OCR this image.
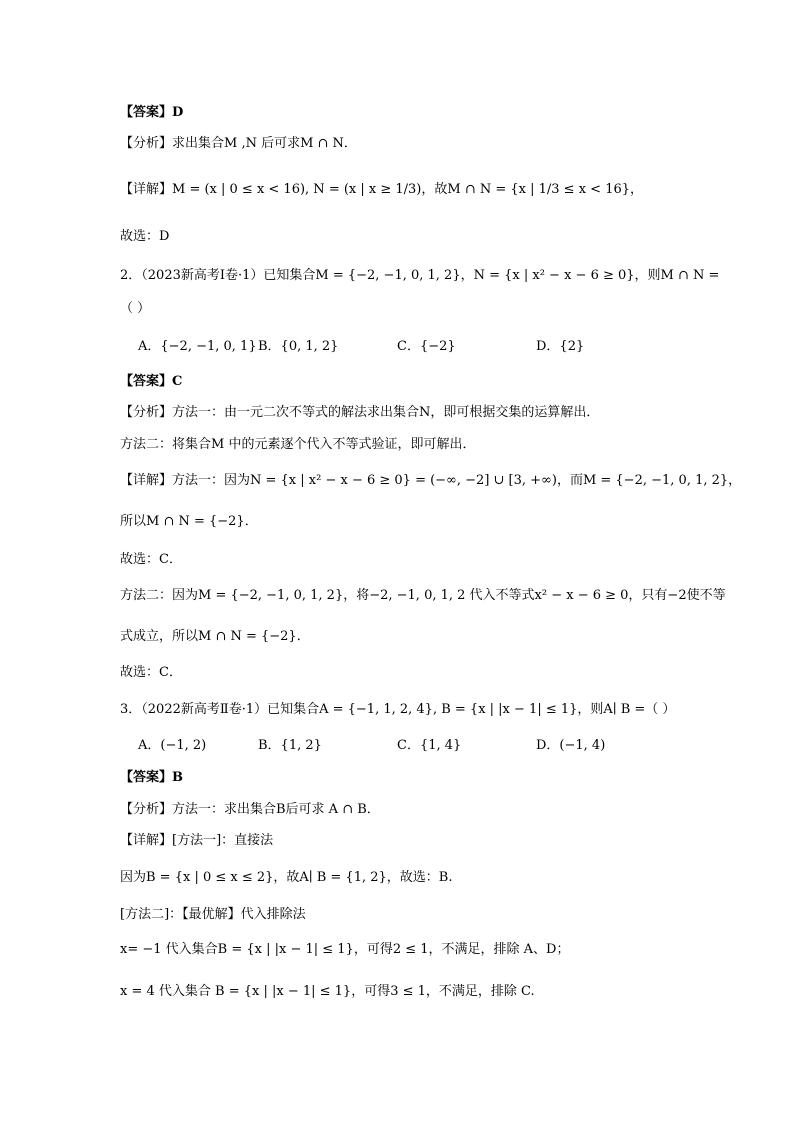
【答案】D
【分析】求出集合M ,N 后可求M ∩ N．
【详解】M = (x | 0 ≤ x < 16), N = (x | x ≥ 1/3)，故M ∩ N = {x | 1/3 ≤ x < 16}，
故选：D
2．（2023新高考Ⅰ卷·1）已知集合M = {−2, −1, 0, 1, 2}，N = {x | x² − x − 6 ≥ 0}，则M ∩ N =
（ ）
A．{−2, −1, 0, 1} B．{0, 1, 2}	C．{−2}	D．{2}
【答案】C
【分析】方法一：由一元二次不等式的解法求出集合N，即可根据交集的运算解出．
方法二：将集合M 中的元素逐个代入不等式验证，即可解出．
【详解】方法一：因为N = {x | x² − x − 6 ≥ 0} = (−∞, −2] ∪ [3, +∞)，而M = {−2, −1, 0, 1, 2}，
所以M ∩ N = {−2}．
故选：C．
方法二：因为M = {−2, −1, 0, 1, 2}，将−2, −1, 0, 1, 2 代入不等式x² − x − 6 ≥ 0，只有−2使不等
式成立，所以M ∩ N = {−2}．
故选：C．
3．（2022新高考Ⅱ卷·1）已知集合A = {−1, 1, 2, 4}, B = {x | |x − 1| ≤ 1}，则A∣ B =（ ）
A．(−1, 2)	B．{1, 2}	C．{1, 4}	D．(−1, 4)
【答案】B
【分析】方法一：求出集合B后可求 A ∩ B．
【详解】[方法一]：直接法
因为B = {x | 0 ≤ x ≤ 2}，故A∣ B = {1, 2}，故选：B.
[方法二]：【最优解】代入排除法
x= −1 代入集合B = {x | |x − 1| ≤ 1}，可得2 ≤ 1，不满足，排除 A、D；
x = 4 代入集合 B = {x | |x − 1| ≤ 1}，可得3 ≤ 1，不满足，排除 C.
